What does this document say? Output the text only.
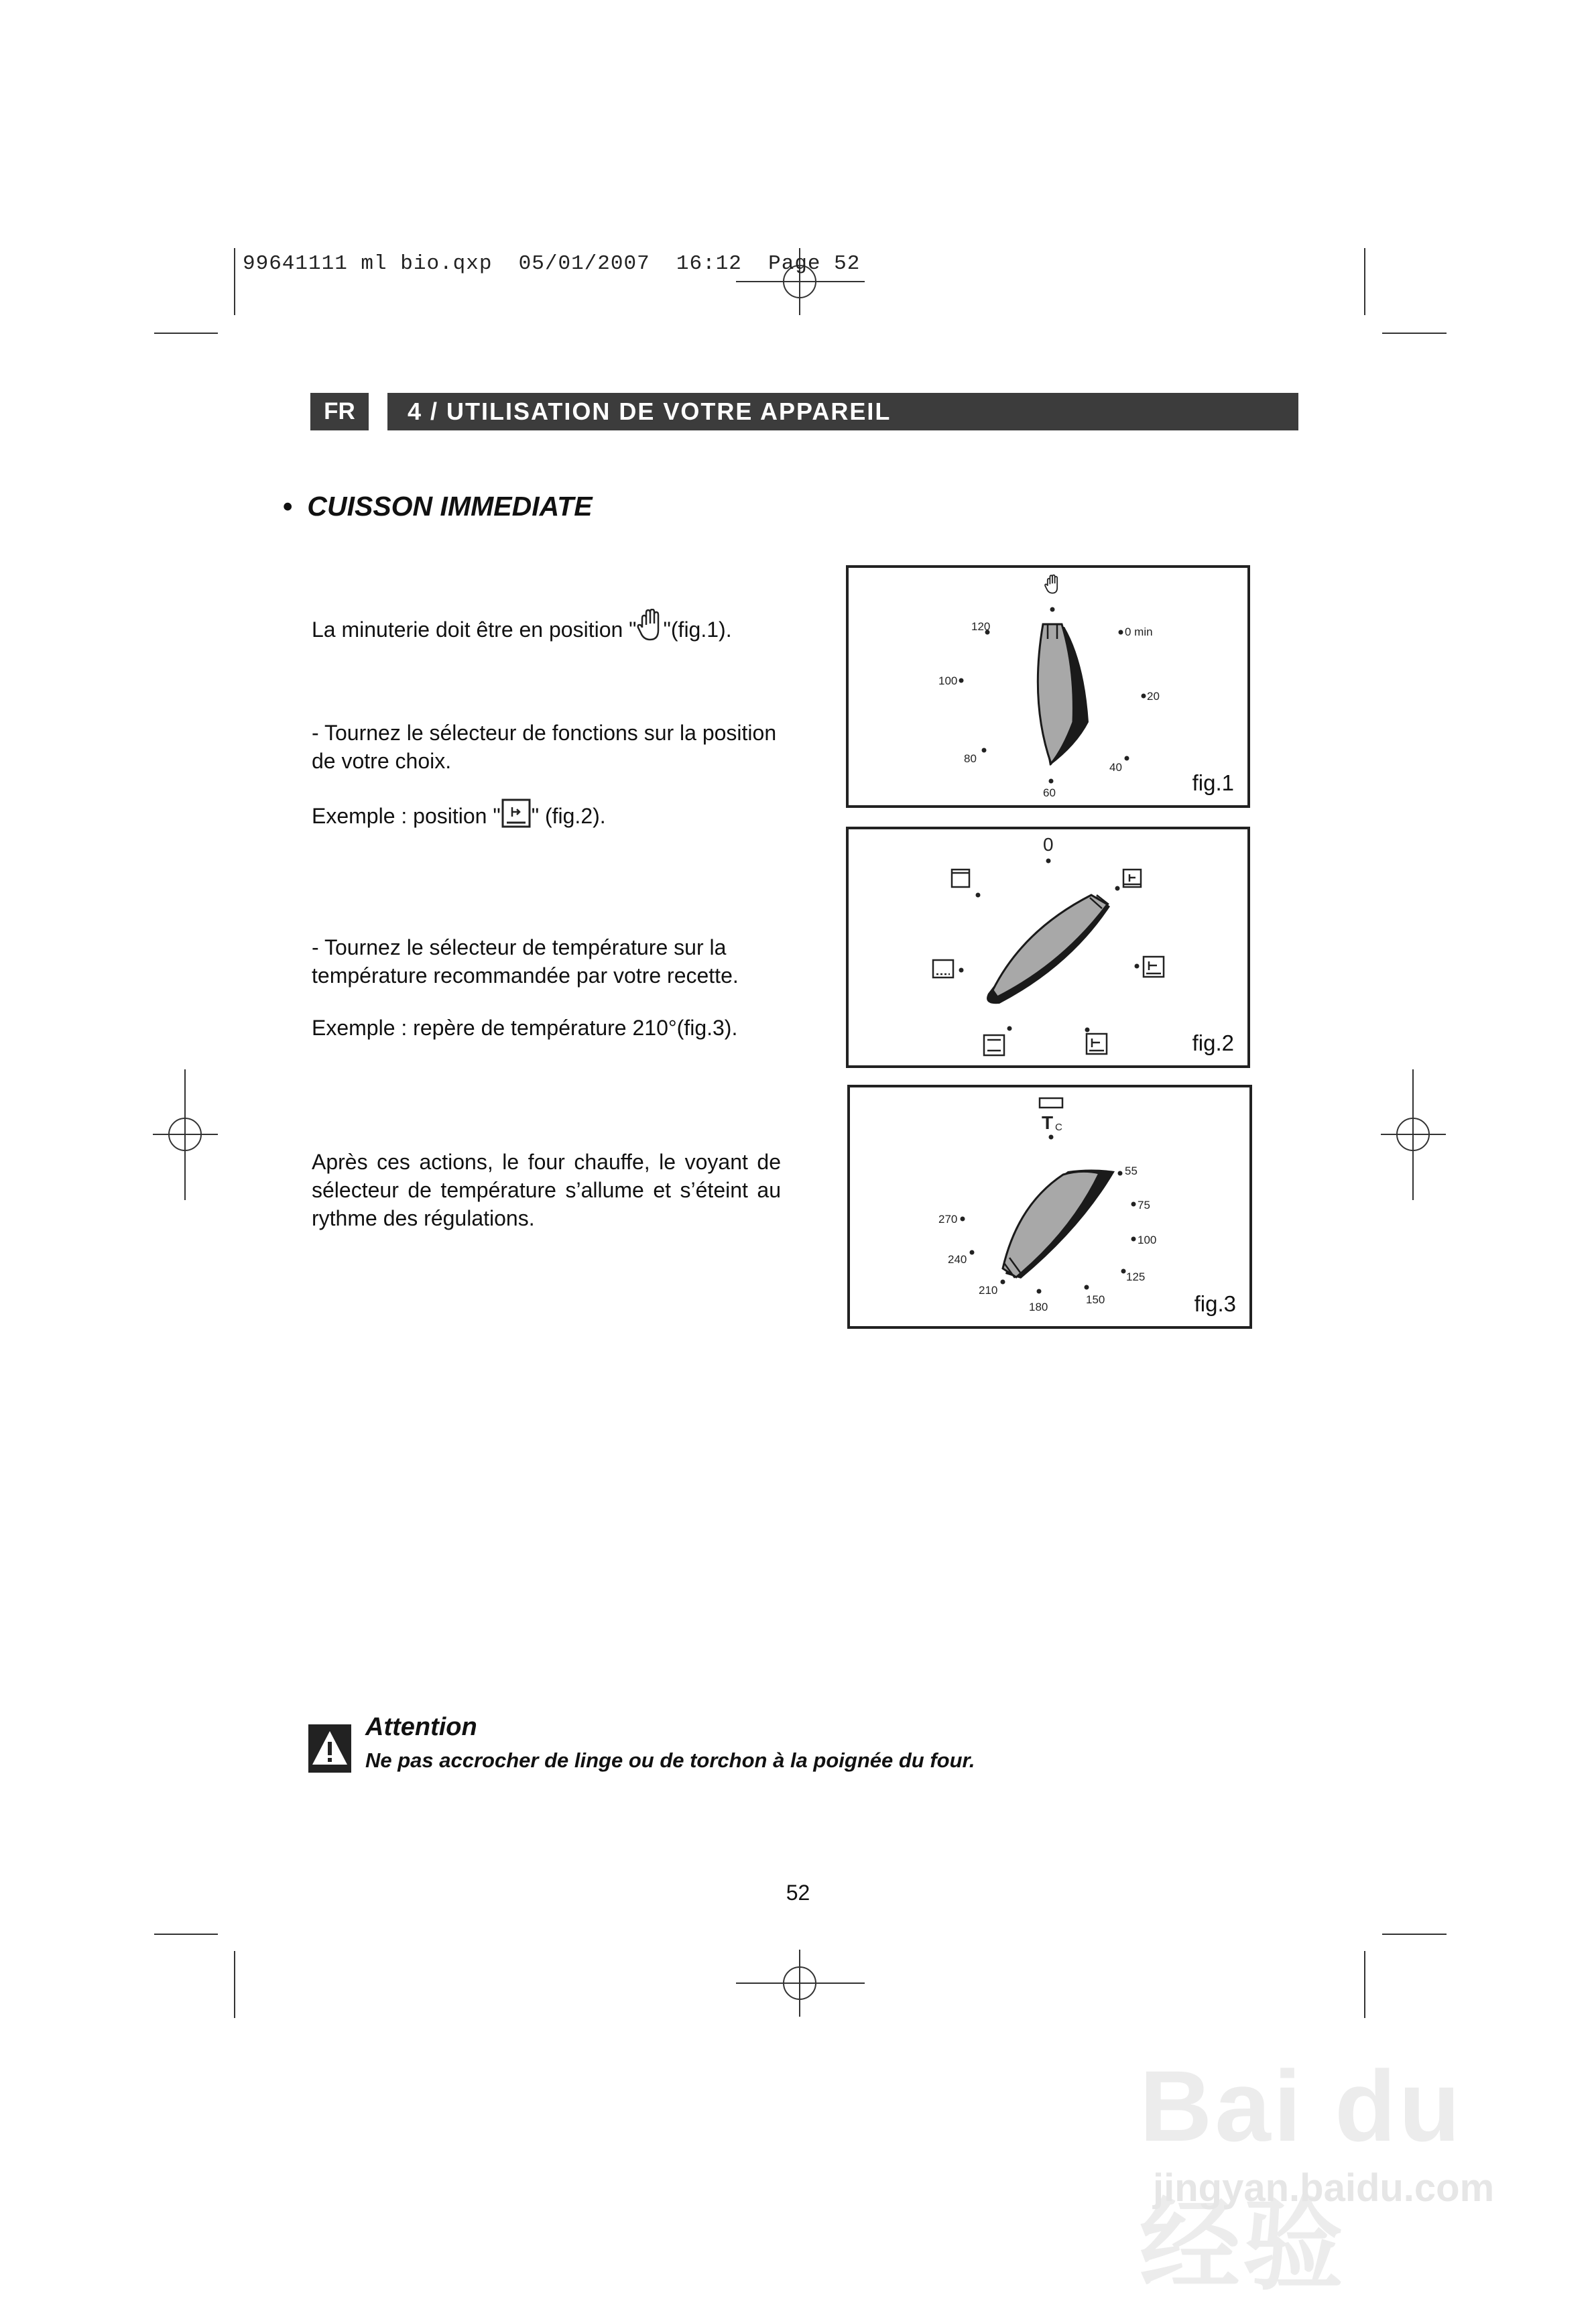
99641111 ml bio.qxp  05/01/2007  16:12  Page 52
FR	4 / UTILISATION DE VOTRE APPAREIL
• CUISSON IMMEDIATE
La minuterie doit être en position " "(fig.1).
- Tournez le sélecteur de fonctions sur la position de votre choix.
Exemple : position " " (fig.2).
- Tournez le sélecteur de température sur la température recommandée par votre recette.
Exemple : repère de température 210°(fig.3).
Après ces actions, le four chauffe, le voyant de sélecteur de température s’allume et s’éteint au rythme des régulations.
120	0 min
100
20
80
40
60	fig.1
0
fig.2
T C
55
75
270
100
240
125
210
150
180	fig.3
Attention
Ne pas accrocher de linge ou de torchon à la poignée du four.
52
Bai du 经验
jingyan.baidu.com
